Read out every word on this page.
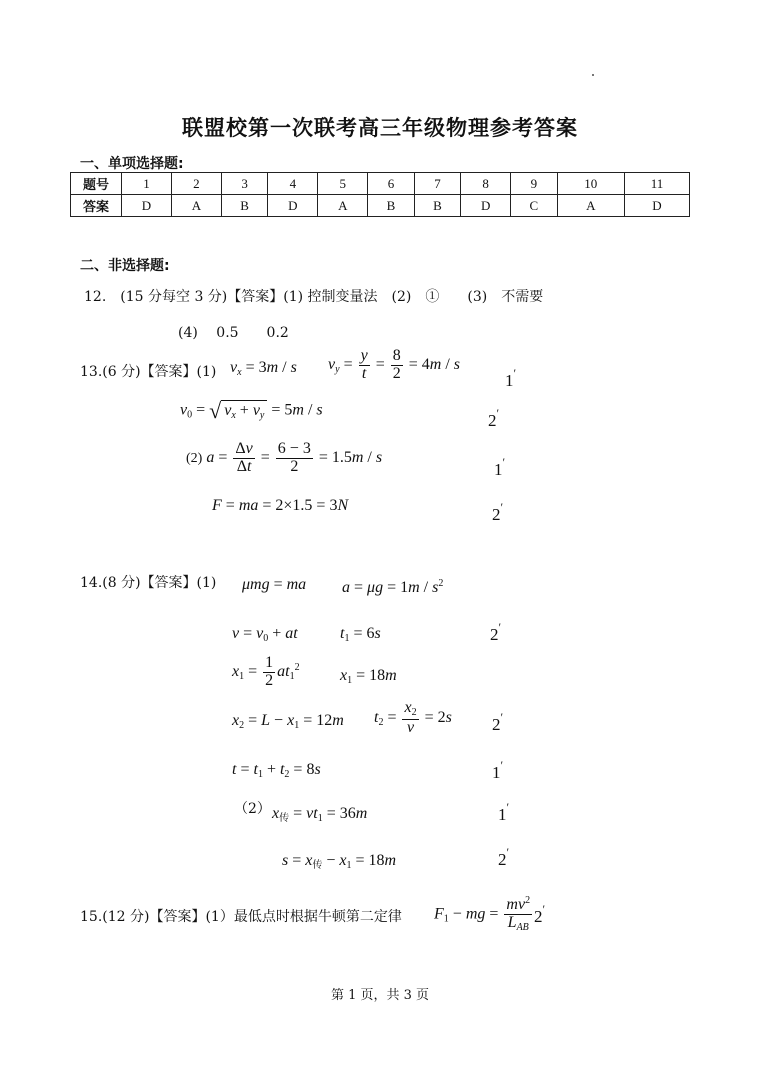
联盟校第一次联考高三年级物理参考答案
一、单项选择题:
题号	1	2	3	4	5	6	7	8	9	10	11
答案	D	A	B	D	A	B	B	D	C	A	D
二、非选择题:
12.　(15 分每空 3 分)【答案】(1) 控制变量法　(2)　①　　(3)　不需要
(4)　 0.5　　0.2
13.(6 分)【答案】(1) $v_x = 3m / s$ $v_y = \frac{y}{t} = \frac{8}{2} = 4m / s$
1′
$v_0$ = √ $v_x + v_y = 5m / s$
2′
(2) $a = \frac{\Delta v}{\Delta t} = \frac{6 - 3}{2} = 1.5m / s$
1′
F = ma = 2×1.5 = 3N	2′
14.(8 分)【答案】(1) μmg = ma $a = \mu g = 1m / s^2$
$v = v_0$ + at	$t_1 = 6s$	2′
$x_1 = \frac{1}{2} at_1^2$	$x_1 = 18m$
$x_2 = L - x_1 = 12m$ $t_2 = \frac{x_2}{v} = 2s$ 2′
$t = t_1 + t_2 = 8s$	1′
（2） $x_传 = vt_1 = 36m$	1′
$s = x_传 - x_1 = 18m$	2′
15.(12 分)【答案】(1）最低点时根据牛顿第二定律 $F_1$ − mg = $\frac{mv^2}{L_{AB}} 2'$
第 1 页，共 3 页
